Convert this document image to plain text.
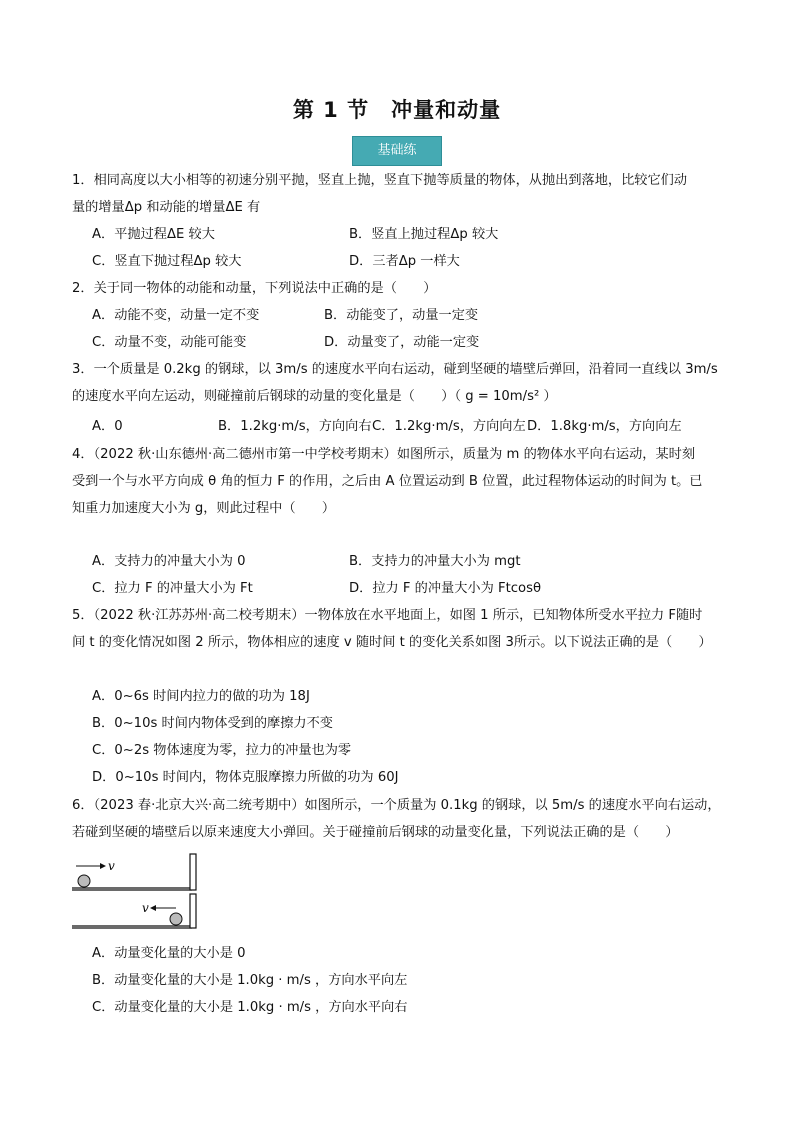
第 1 节　冲量和动量
基础练
1．相同高度以大小相等的初速分别平抛，竖直上抛，竖直下抛等质量的物体，从抛出到落地，比较它们动
量的增量Δp 和动能的增量ΔE 有
A．平抛过程ΔE 较大	B．竖直上抛过程Δp 较大
C．竖直下抛过程Δp 较大	D．三者Δp 一样大
2．关于同一物体的动能和动量，下列说法中正确的是（　　）
A．动能不变，动量一定不变	B．动能变了，动量一定变
C．动量不变，动能可能变	D．动量变了，动能一定变
3．一个质量是 0.2kg 的钢球，以 3m/s 的速度水平向右运动，碰到坚硬的墙壁后弹回，沿着同一直线以 3m/s
的速度水平向左运动，则碰撞前后钢球的动量的变化量是（　　）（ g = 10m/s² ）
A．0	B．1.2kg·m/s，方向向右 C．1.2kg·m/s，方向向左 D．1.8kg·m/s，方向向左
4．（2022 秋·山东德州·高二德州市第一中学校考期末）如图所示，质量为 m 的物体水平向右运动，某时刻
受到一个与水平方向成 θ 角的恒力 F 的作用，之后由 A 位置运动到 B 位置，此过程物体运动的时间为 t。已
知重力加速度大小为 g，则此过程中（　　）
A．支持力的冲量大小为 0	B．支持力的冲量大小为 mgt
C．拉力 F 的冲量大小为 Ft	D．拉力 F 的冲量大小为 Ftcosθ
5．（2022 秋·江苏苏州·高二校考期末）一物体放在水平地面上，如图 1 所示，已知物体所受水平拉力 F随时
间 t 的变化情况如图 2 所示，物体相应的速度 v 随时间 t 的变化关系如图 3所示。以下说法正确的是（　　）
A．0~6s 时间内拉力的做的功为 18J
B．0~10s 时间内物体受到的摩擦力不变
C．0~2s 物体速度为零，拉力的冲量也为零
D．0~10s 时间内，物体克服摩擦力所做的功为 60J
6．（2023 春·北京大兴·高二统考期中）如图所示，一个质量为 0.1kg 的钢球，以 5m/s 的速度水平向右运动，
若碰到坚硬的墙壁后以原来速度大小弹回。关于碰撞前后钢球的动量变化量，下列说法正确的是（　　）
v
v
A．动量变化量的大小是 0
B．动量变化量的大小是 1.0kg · m/s ，方向水平向左
C．动量变化量的大小是 1.0kg · m/s ，方向水平向右
